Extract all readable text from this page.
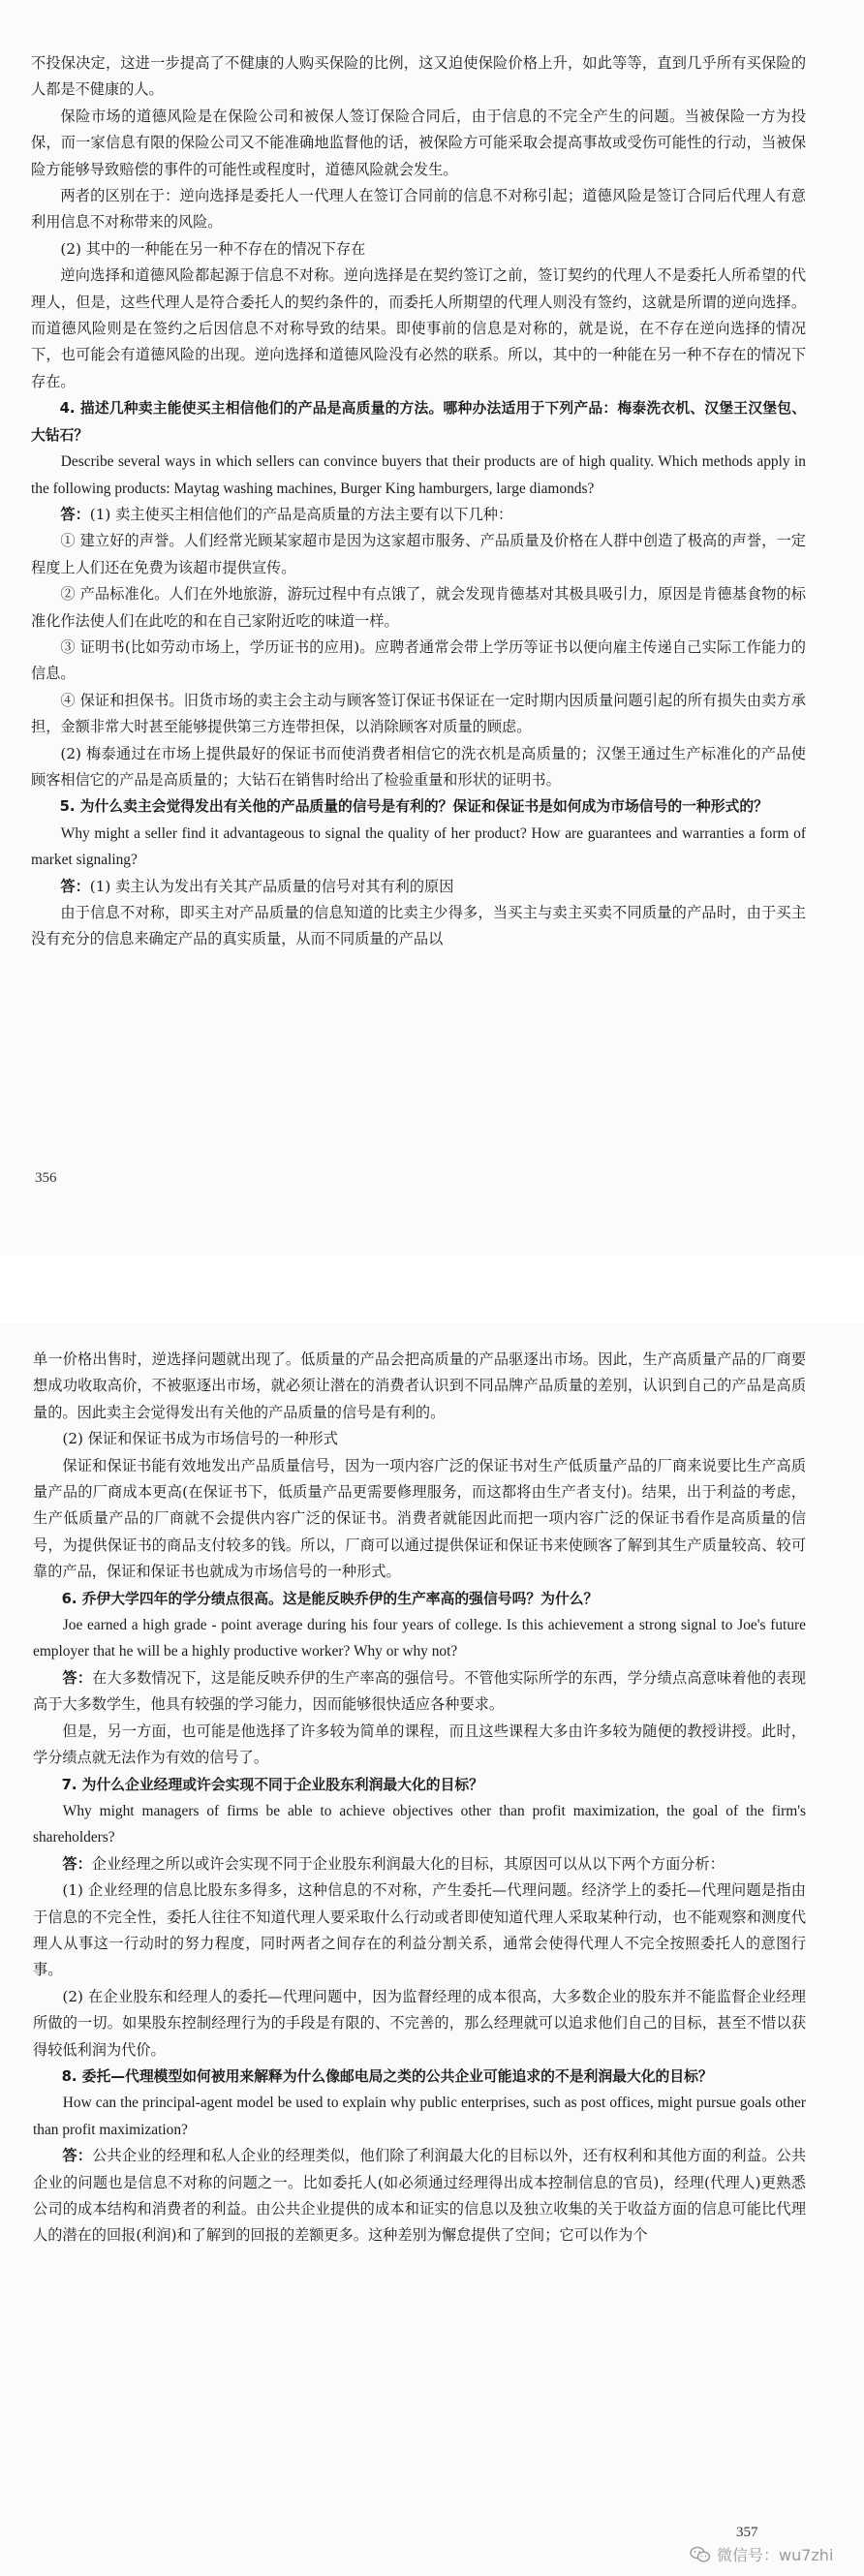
不投保决定，这进一步提高了不健康的人购买保险的比例，这又迫使保险价格上升，如此等等，直到几乎所有买保险的人都是不健康的人。

保险市场的道德风险是在保险公司和被保人签订保险合同后，由于信息的不完全产生的问题。当被保险一方为投保，而一家信息有限的保险公司又不能准确地监督他的话，被保险方可能采取会提高事故或受伤可能性的行动，当被保险方能够导致赔偿的事件的可能性或程度时，道德风险就会发生。

两者的区别在于：逆向选择是委托人一代理人在签订合同前的信息不对称引起；道德风险是签订合同后代理人有意利用信息不对称带来的风险。

(2) 其中的一种能在另一种不存在的情况下存在

逆向选择和道德风险都起源于信息不对称。逆向选择是在契约签订之前，签订契约的代理人不是委托人所希望的代理人，但是，这些代理人是符合委托人的契约条件的，而委托人所期望的代理人则没有签约，这就是所谓的逆向选择。而道德风险则是在签约之后因信息不对称导致的结果。即使事前的信息是对称的，就是说，在不存在逆向选择的情况下，也可能会有道德风险的出现。逆向选择和道德风险没有必然的联系。所以，其中的一种能在另一种不存在的情况下存在。

4. 描述几种卖主能使买主相信他们的产品是高质量的方法。哪种办法适用于下列产品：梅泰洗衣机、汉堡王汉堡包、大钻石？

Describe several ways in which sellers can convince buyers that their products are of high quality. Which methods apply in the following products: Maytag washing machines, Burger King hamburgers, large diamonds?

答：(1) 卖主使买主相信他们的产品是高质量的方法主要有以下几种：

① 建立好的声誉。人们经常光顾某家超市是因为这家超市服务、产品质量及价格在人群中创造了极高的声誉，一定程度上人们还在免费为该超市提供宣传。

② 产品标准化。人们在外地旅游，游玩过程中有点饿了，就会发现肯德基对其极具吸引力，原因是肯德基食物的标准化作法使人们在此吃的和在自己家附近吃的味道一样。

③ 证明书(比如劳动市场上，学历证书的应用)。应聘者通常会带上学历等证书以便向雇主传递自己实际工作能力的信息。

④ 保证和担保书。旧货市场的卖主会主动与顾客签订保证书保证在一定时期内因质量问题引起的所有损失由卖方承担，金额非常大时甚至能够提供第三方连带担保，以消除顾客对质量的顾虑。

(2) 梅泰通过在市场上提供最好的保证书而使消费者相信它的洗衣机是高质量的；汉堡王通过生产标准化的产品使顾客相信它的产品是高质量的；大钻石在销售时给出了检验重量和形状的证明书。

5. 为什么卖主会觉得发出有关他的产品质量的信号是有利的？保证和保证书是如何成为市场信号的一种形式的？

Why might a seller find it advantageous to signal the quality of her product? How are guarantees and warranties a form of market signaling?

答：(1) 卖主认为发出有关其产品质量的信号对其有利的原因

由于信息不对称，即买主对产品质量的信息知道的比卖主少得多，当买主与卖主买卖不同质量的产品时，由于买主没有充分的信息来确定产品的真实质量，从而不同质量的产品以

356

单一价格出售时，逆选择问题就出现了。低质量的产品会把高质量的产品驱逐出市场。因此，生产高质量产品的厂商要想成功收取高价，不被驱逐出市场，就必须让潜在的消费者认识到不同品牌产品质量的差别，认识到自己的产品是高质量的。因此卖主会觉得发出有关他的产品质量的信号是有利的。

(2) 保证和保证书成为市场信号的一种形式

保证和保证书能有效地发出产品质量信号，因为一项内容广泛的保证书对生产低质量产品的厂商来说要比生产高质量产品的厂商成本更高(在保证书下，低质量产品更需要修理服务，而这都将由生产者支付)。结果，出于利益的考虑，生产低质量产品的厂商就不会提供内容广泛的保证书。消费者就能因此而把一项内容广泛的保证书看作是高质量的信号，为提供保证书的商品支付较多的钱。所以，厂商可以通过提供保证和保证书来使顾客了解到其生产质量较高、较可靠的产品，保证和保证书也就成为市场信号的一种形式。

6. 乔伊大学四年的学分绩点很高。这是能反映乔伊的生产率高的强信号吗？为什么？

Joe earned a high grade - point average during his four years of college. Is this achievement a strong signal to Joe's future employer that he will be a highly productive worker? Why or why not?

答：在大多数情况下，这是能反映乔伊的生产率高的强信号。不管他实际所学的东西，学分绩点高意味着他的表现高于大多数学生，他具有较强的学习能力，因而能够很快适应各种要求。

但是，另一方面，也可能是他选择了许多较为简单的课程，而且这些课程大多由许多较为随便的教授讲授。此时，学分绩点就无法作为有效的信号了。

7. 为什么企业经理或许会实现不同于企业股东利润最大化的目标？

Why might managers of firms be able to achieve objectives other than profit maximization, the goal of the firm's shareholders?

答：企业经理之所以或许会实现不同于企业股东利润最大化的目标，其原因可以从以下两个方面分析：

(1) 企业经理的信息比股东多得多，这种信息的不对称，产生委托—代理问题。经济学上的委托—代理问题是指由于信息的不完全性，委托人往往不知道代理人要采取什么行动或者即使知道代理人采取某种行动，也不能观察和测度代理人从事这一行动时的努力程度，同时两者之间存在的利益分割关系，通常会使得代理人不完全按照委托人的意图行事。

(2) 在企业股东和经理人的委托—代理问题中，因为监督经理的成本很高，大多数企业的股东并不能监督企业经理所做的一切。如果股东控制经理行为的手段是有限的、不完善的，那么经理就可以追求他们自己的目标，甚至不惜以获得较低利润为代价。

8. 委托—代理模型如何被用来解释为什么像邮电局之类的公共企业可能追求的不是利润最大化的目标？

How can the principal-agent model be used to explain why public enterprises, such as post offices, might pursue goals other than profit maximization?

答：公共企业的经理和私人企业的经理类似，他们除了利润最大化的目标以外，还有权利和其他方面的利益。公共企业的问题也是信息不对称的问题之一。比如委托人(如必须通过经理得出成本控制信息的官员)，经理(代理人)更熟悉公司的成本结构和消费者的利益。由公共企业提供的成本和证实的信息以及独立收集的关于收益方面的信息可能比代理人的潜在的回报(利润)和了解到的回报的差额更多。这种差别为懈怠提供了空间；它可以作为个

357
微信号：wu7zhi
